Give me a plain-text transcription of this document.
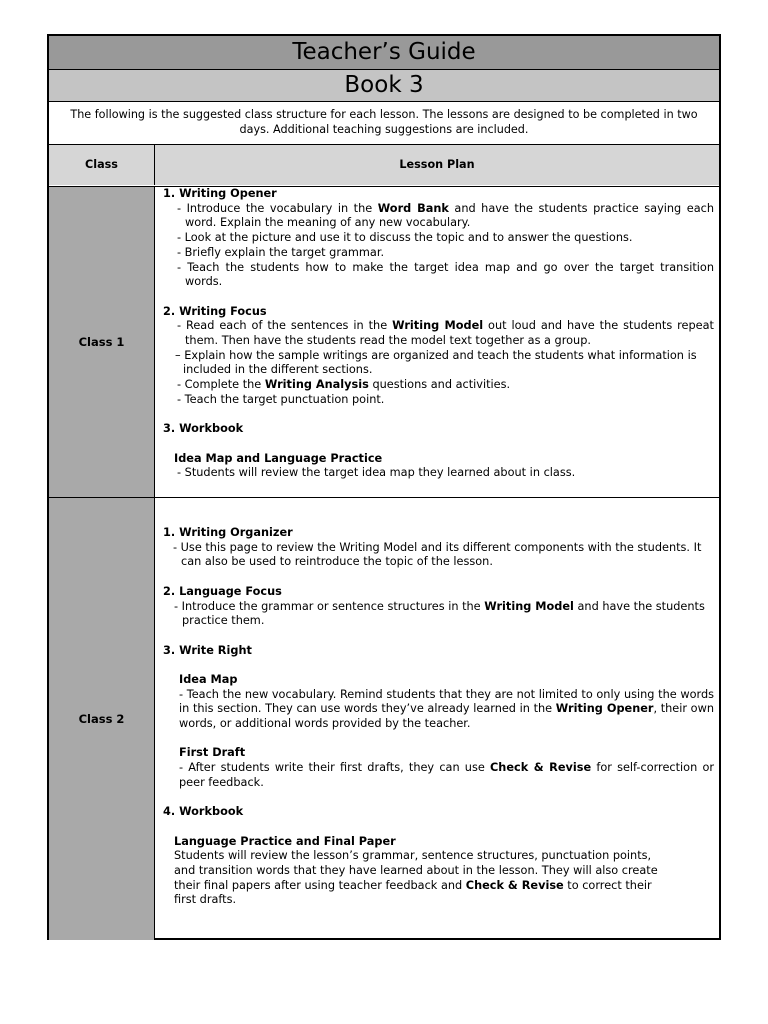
Teacher’s Guide
Book 3
The following is the suggested class structure for each lesson. The lessons are designed to be completed in two days. Additional teaching suggestions are included.
Class	Lesson Plan
Class 1

1. Writing Opener

- Introduce the vocabulary in the Word Bank and have the students practice saying each word. Explain the meaning of any new vocabulary.

- Look at the picture and use it to discuss the topic and to answer the questions.

- Briefly explain the target grammar.

- Teach the students how to make the target idea map and go over the target transition words.

2. Writing Focus

- Read each of the sentences in the Writing Model out loud and have the students repeat them. Then have the students read the model text together as a group.

– Explain how the sample writings are organized and teach the students what information is included in the different sections.

- Complete the Writing Analysis questions and activities.

- Teach the target punctuation point.

3. Workbook

Idea Map and Language Practice

- Students will review the target idea map they learned about in class.

Class 2

1. Writing Organizer

- Use this page to review the Writing Model and its different components with the students. It can also be used to reintroduce the topic of the lesson.

2. Language Focus

- Introduce the grammar or sentence structures in the Writing Model and have the students practice them.

3. Write Right

Idea Map

- Teach the new vocabulary. Remind students that they are not limited to only using the words in this section. They can use words they’ve already learned in the Writing Opener, their own words, or additional words provided by the teacher.

First Draft

- After students write their first drafts, they can use Check & Revise for self-correction or peer feedback.

4. Workbook

Language Practice and Final Paper

Students will review the lesson’s grammar, sentence structures, punctuation points, and transition words that they have learned about in the lesson. They will also create their final papers after using teacher feedback and Check & Revise to correct their first drafts.
